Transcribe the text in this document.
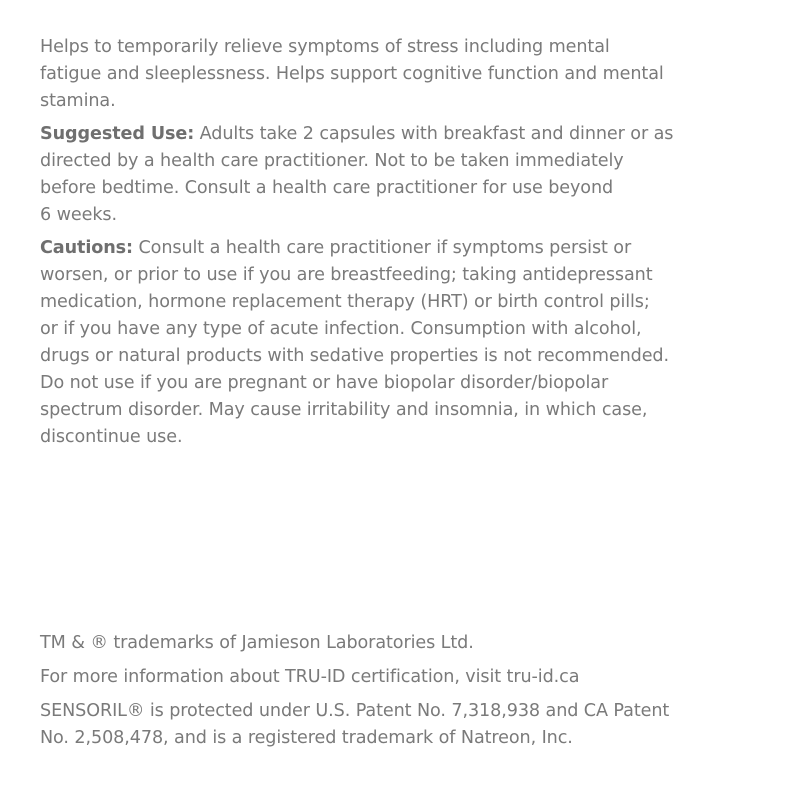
Helps to temporarily relieve symptoms of stress including mental
fatigue and sleeplessness. Helps support cognitive function and mental
stamina.

Suggested Use: Adults take 2 capsules with breakfast and dinner or as
directed by a health care practitioner. Not to be taken immediately
before bedtime. Consult a health care practitioner for use beyond
6 weeks.

Cautions: Consult a health care practitioner if symptoms persist or
worsen, or prior to use if you are breastfeeding; taking antidepressant
medication, hormone replacement therapy (HRT) or birth control pills;
or if you have any type of acute infection. Consumption with alcohol,
drugs or natural products with sedative properties is not recommended.
Do not use if you are pregnant or have biopolar disorder/biopolar
spectrum disorder. May cause irritability and insomnia, in which case,
discontinue use.

TM & ® trademarks of Jamieson Laboratories Ltd.

For more information about TRU-ID certification, visit tru-id.ca

SENSORIL® is protected under U.S. Patent No. 7,318,938 and CA Patent
No. 2,508,478, and is a registered trademark of Natreon, Inc.
